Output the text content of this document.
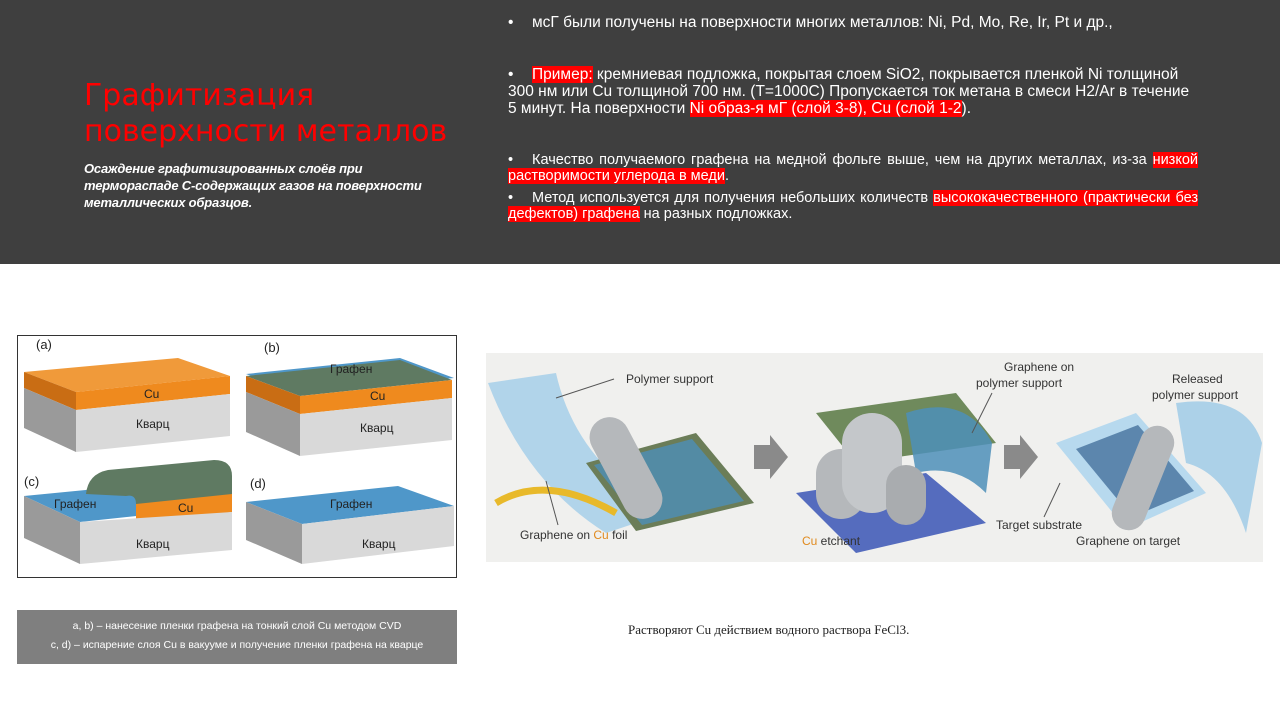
Графитизация поверхности металлов
Осаждение графитизированных слоёв при термораспаде С-содержащих газов на поверхности металлических образцов.
• мсГ были получены на поверхности многих металлов: Ni, Pd, Mo, Re, Ir, Pt и др.,
• Пример: кремниевая подложка, покрытая слоем SiO2, покрывается пленкой Ni толщиной 300 нм или Cu толщиной 700 нм. (T=1000C) Пропускается ток метана в смеси H2/Ar в течение 5 минут. На поверхности Ni образ-я мГ (слой 3-8), Cu (слой 1-2).
• Качество получаемого графена на медной фольге выше, чем на других металлах, из-за низкой растворимости углерода в меди.
• Метод используется для получения небольших количеств высококачественного (практически без дефектов) графена на разных подложках.
(a)
Cu
Кварц
(b)
Графен
Cu
Кварц
(c)
Графен	Cu
Кварц
(d)
Графен
Кварц
a, b) – нанесение пленки графена на тонкий слой Cu методом CVD
c, d) – испарение слоя Cu в вакууме и получение пленки графена на кварце
Polymer support
Graphene on Cu foil	Cu etchant
Graphene on
polymer support	Released
polymer support
Target substrate
Graphene on target
Растворяют Cu действием водного раствора FeCl3.
